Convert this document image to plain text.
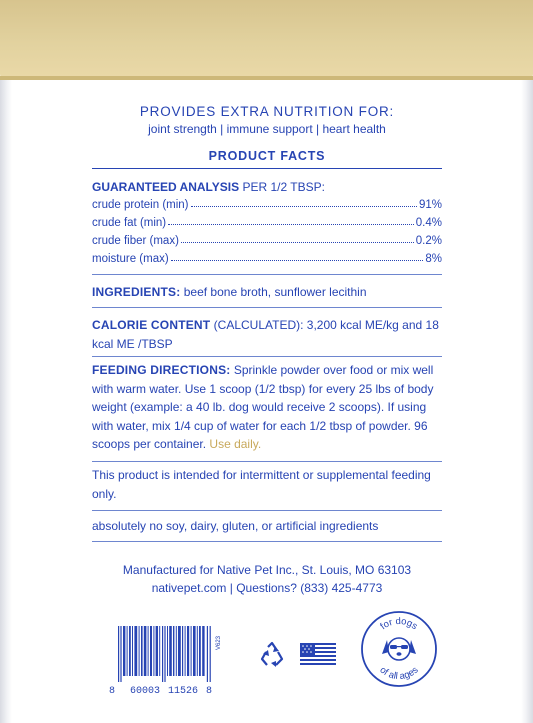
PROVIDES EXTRA NUTRITION FOR:
joint strength | immune support | heart health
PRODUCT FACTS
GUARANTEED ANALYSIS PER 1/2 TBSP:
crude protein (min)	91%
crude fat (min)	0.4%
crude fiber (max)	0.2%
moisture (max)	8%
INGREDIENTS: beef bone broth, sunflower lecithin
CALORIE CONTENT (CALCULATED): 3,200 kcal ME/kg and 18 kcal ME /TBSP
FEEDING DIRECTIONS: Sprinkle powder over food or mix well with warm water. Use 1 scoop (1/2 tbsp) for every 25 lbs of body weight (example: a 40 lb. dog would receive 2 scoops). If using with water, mix 1/4 cup of water for each 1/2 tbsp of powder. 96 scoops per container. Use daily.
This product is intended for intermittent or supplemental feeding only.
absolutely no soy, dairy, gluten, or artificial ingredients
Manufactured for Native Pet Inc., St. Louis, MO 63103
nativepet.com | Questions? (833) 425-4773
8 60003 11526 8
V623
for dogs
of all ages
